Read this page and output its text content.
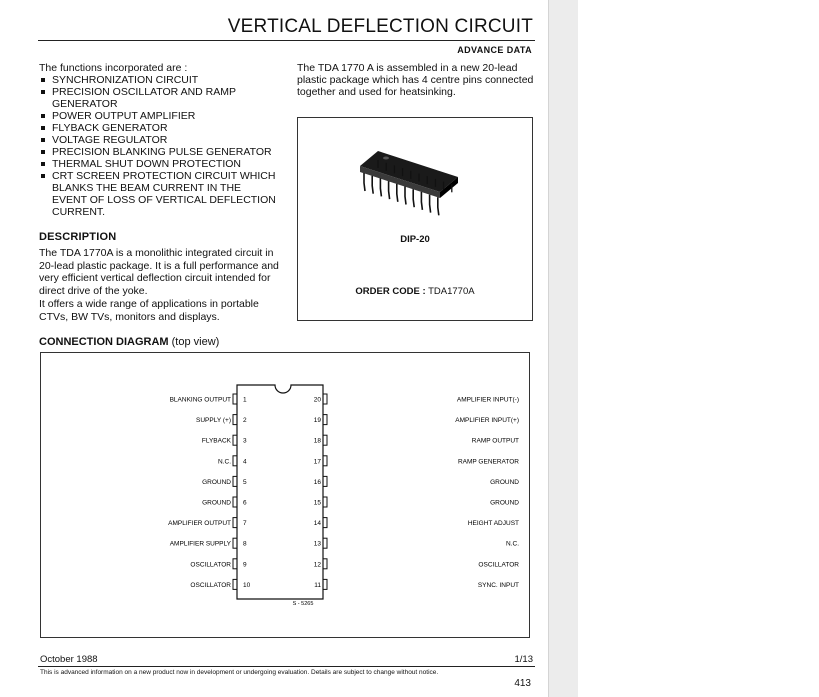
VERTICAL DEFLECTION CIRCUIT
ADVANCE DATA
The functions incorporated are :
SYNCHRONIZATION CIRCUIT
PRECISION OSCILLATOR AND RAMP GENERATOR
POWER OUTPUT AMPLIFIER
FLYBACK GENERATOR
VOLTAGE REGULATOR
PRECISION BLANKING PULSE GENERATOR
THERMAL SHUT DOWN PROTECTION
CRT SCREEN PROTECTION CIRCUIT WHICH BLANKS THE BEAM CURRENT IN THE EVENT OF LOSS OF VERTICAL DEFLECTION CURRENT.
DESCRIPTION
The TDA 1770A is a monolithic integrated circuit in 20-lead plastic package. It is a full performance and very efficient vertical deflection circuit intended for direct drive of the yoke.
It offers a wide range of applications in portable CTVs, BW TVs, monitors and displays.
The TDA 1770 A is assembled in a new 20-lead plastic package which has 4 centre pins connected together and used for heatsinking.
DIP-20
ORDER CODE : TDA1770A
CONNECTION DIAGRAM (top view)
S - 5265
BLANKING OUTPUT 1
SUPPLY (+) 2
FLYBACK 3
N.C. 4
GROUND 5
GROUND 6
AMPLIFIER OUTPUT 7
AMPLIFIER SUPPLY 8
OSCILLATOR 9
OSCILLATOR 10
AMPLIFIER INPUT(-)
20
AMPLIFIER INPUT(+)
19
RAMP OUTPUT
18
RAMP GENERATOR
17
GROUND
16
GROUND
15
HEIGHT ADJUST
14
N.C.
13
OSCILLATOR
12
SYNC. INPUT
11
October 1988	1/13
This is advanced information on a new product now in development or undergoing evaluation. Details are subject to change without notice.
413
